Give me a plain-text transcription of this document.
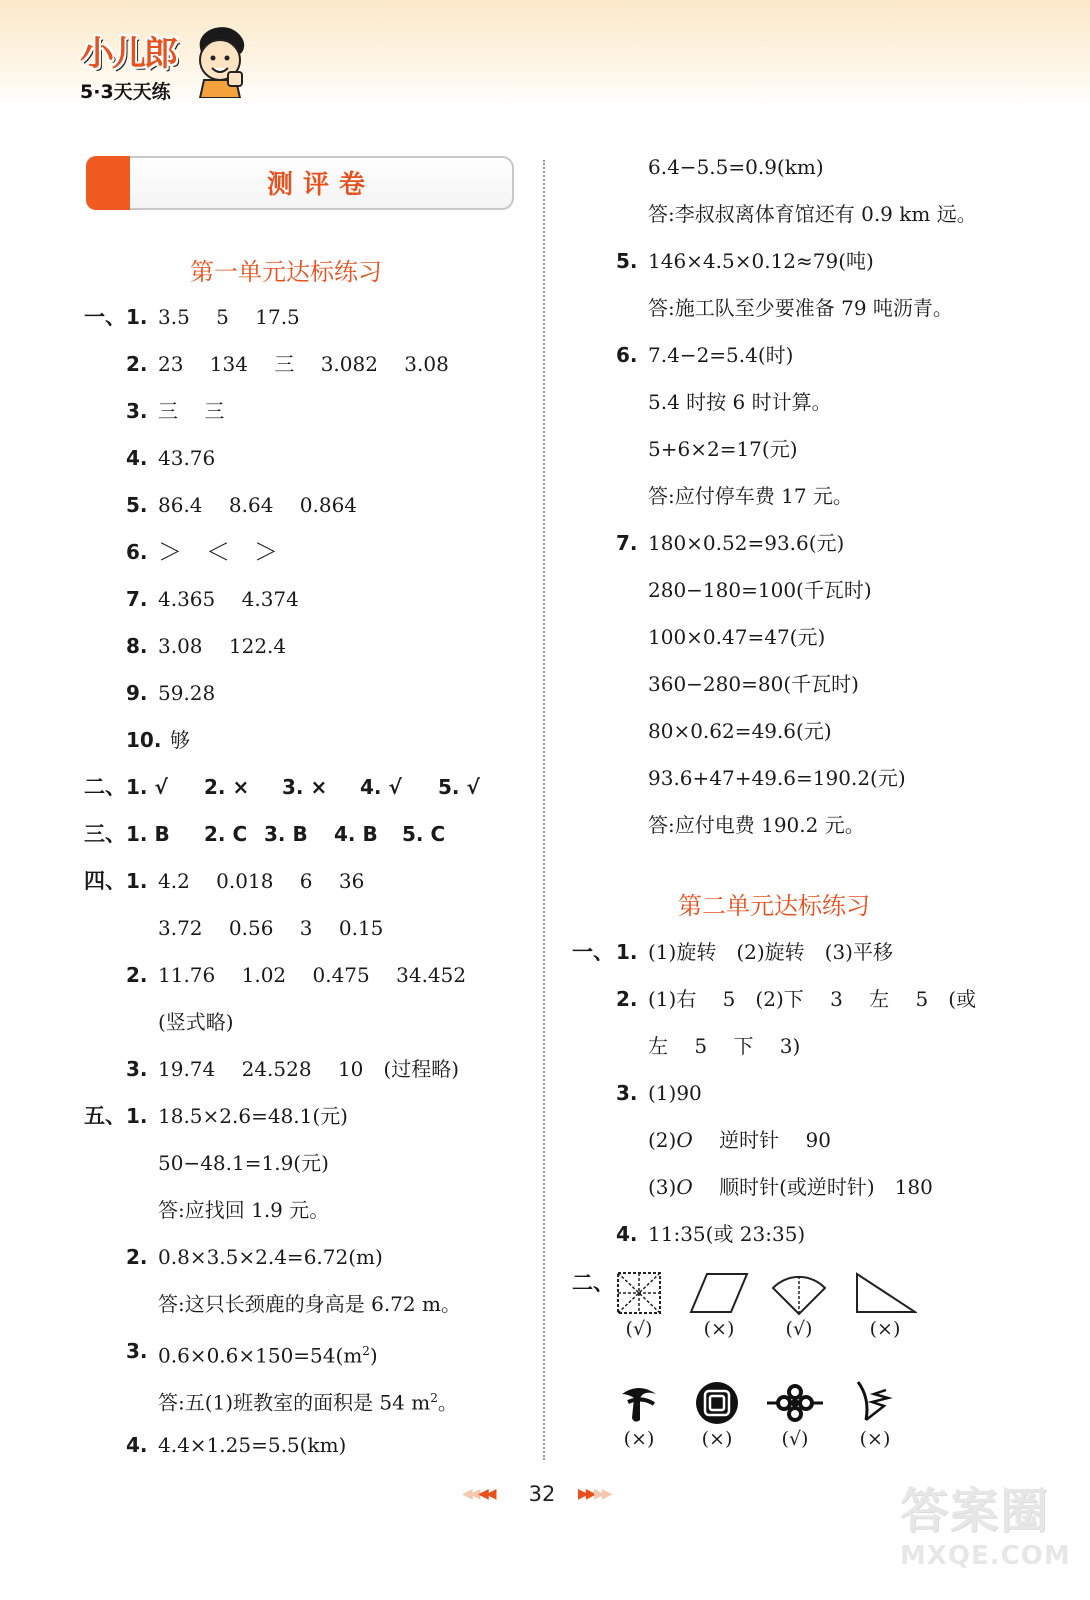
小儿郎
5·3天天练
测评卷
第一单元达标练习
一、 1. 3.5　 5　 17.5
2. 23　 134　 三　 3.082　 3.08
3. 三　 三
4. 43.76
5. 86.4　 8.64　 0.864
6. ＞　＜　＞
7. 4.365　 4.374
8. 3.08　 122.4
9. 59.28
10. 够
二、 1. √ 2. × 3. × 4. √ 5. √
三、 1. B 2. C 3. B 4. B 5. C
四、 1. 4.2　 0.018　 6　 36
3.72　 0.56　 3　 0.15
2. 11.76　 1.02　 0.475　 34.452
(竖式略)
3. 19.74　 24.528　 10　(过程略)
五、 1. 18.5×2.6=48.1(元)
50−48.1=1.9(元)
答:应找回 1.9 元。
2. 0.8×3.5×2.4=6.72(m)
答:这只长颈鹿的身高是 6.72 m。
3. $0.6\times 0.6\times 150=54(m^2)$
答:五(1)班教室的面积是 54 $m^2$。
4. 4.4×1.25=5.5(km)
6.4−5.5=0.9(km)
答:李叔叔离体育馆还有 0.9 km 远。
5. 146×4.5×0.12≈79(吨)
答:施工队至少要准备 79 吨沥青。
6. 7.4−2=5.4(时)
5.4 时按 6 时计算。
5+6×2=17(元)
答:应付停车费 17 元。
7. 180×0.52=93.6(元)
280−180=100(千瓦时)
100×0.47=47(元)
360−280=80(千瓦时)
80×0.62=49.6(元)
93.6+47+49.6=190.2(元)
答:应付电费 190.2 元。
第二单元达标练习
一、 1. (1)旋转　(2)旋转　(3)平移
2. (1)右　 5　(2)下　 3　 左　 5　(或
左　 5　 下　 3)
3. (1)90
(2)O　 逆时针　 90
(3)O　 顺时针(或逆时针)　180
4. 11:35(或 23:35)
二、
(√)	(×)	(√)	(×)
(×)	(×)	(√)	(×)
◀◀ ◀◀	32	▶▶ ▶▶	答案圈
MXQE.COM
